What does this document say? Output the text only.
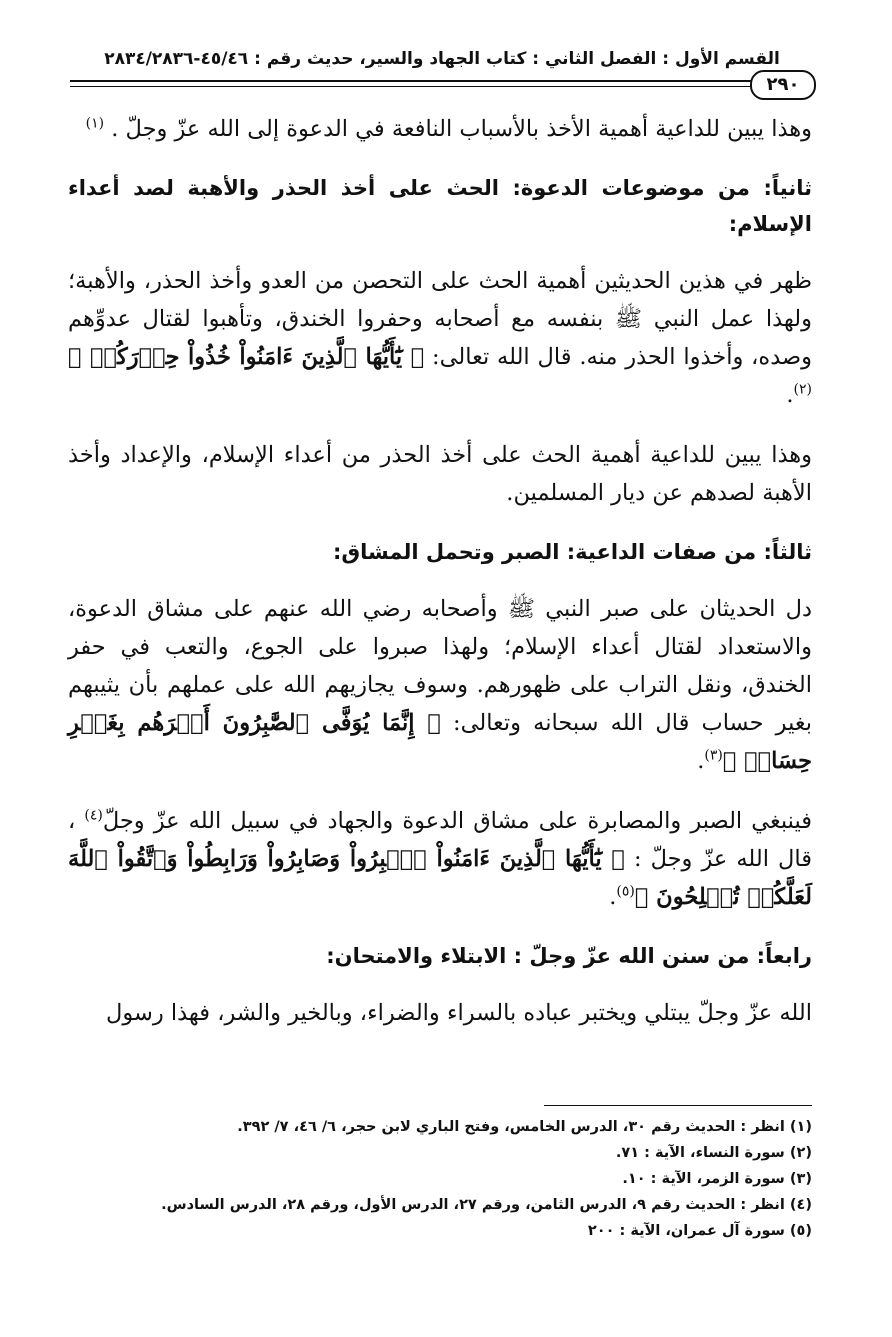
القسم الأول : الفصل الثاني : كتاب الجهاد والسير، حديث رقم : ٤٥/٤٦-٢٨٣٤/٢٨٣٦
٢٩٠

وهذا يبين للداعية أهمية الأخذ بالأسباب النافعة في الدعوة إلى الله عزّ وجلّ . $^{(١)}$

ثانياً: من موضوعات الدعوة: الحث على أخذ الحذر والأهبة لصد أعداء الإسلام:

ظهر في هذين الحديثين أهمية الحث على التحصن من العدو وأخذ الحذر، والأهبة؛ ولهذا عمل النبي ﷺ بنفسه مع أصحابه وحفروا الخندق، وتأهبوا لقتال عدوِّهم وصده، وأخذوا الحذر منه. قال الله تعالى: ﴿ يَٰٓأَيُّهَا ٱلَّذِينَ ءَامَنُواْ خُذُواْ حِذۡرَكُمۡ ﴾$^{(٢)}$.

وهذا يبين للداعية أهمية الحث على أخذ الحذر من أعداء الإسلام، والإعداد وأخذ الأهبة لصدهم عن ديار المسلمين.

ثالثاً: من صفات الداعية: الصبر وتحمل المشاق:

دل الحديثان على صبر النبي ﷺ وأصحابه رضي الله عنهم على مشاق الدعوة، والاستعداد لقتال أعداء الإسلام؛ ولهذا صبروا على الجوع، والتعب في حفر الخندق، ونقل التراب على ظهورهم. وسوف يجازيهم الله على عملهم بأن يثيبهم بغير حساب قال الله سبحانه وتعالى: ﴿ إِنَّمَا يُوَفَّى ٱلصَّٰبِرُونَ أَجۡرَهُم بِغَيۡرِ حِسَابٖ ﴾$^{(٣)}$.

فينبغي الصبر والمصابرة على مشاق الدعوة والجهاد في سبيل الله عزّ وجلّ$^{(٤)}$ ، قال الله عزّ وجلّ : ﴿ يَٰٓأَيُّهَا ٱلَّذِينَ ءَامَنُواْ ٱصۡبِرُواْ وَصَابِرُواْ وَرَابِطُواْ وَٱتَّقُواْ ٱللَّهَ لَعَلَّكُمۡ تُفۡلِحُونَ ﴾$^{(٥)}$.

رابعاً: من سنن الله عزّ وجلّ : الابتلاء والامتحان:

الله عزّ وجلّ يبتلي ويختبر عباده بالسراء والضراء، وبالخير والشر، فهذا رسول

(١) انظر : الحديث رقم ٣٠، الدرس الخامس، وفتح الباري لابن حجر، ٦/ ٤٦، ٧/ ٣٩٢.
(٢) سورة النساء، الآية : ٧١.
(٣) سورة الزمر، الآية : ١٠.
(٤) انظر : الحديث رقم ٩، الدرس الثامن، ورقم ٢٧، الدرس الأول، ورقم ٢٨، الدرس السادس.
(٥) سورة آل عمران، الآية : ٢٠٠
